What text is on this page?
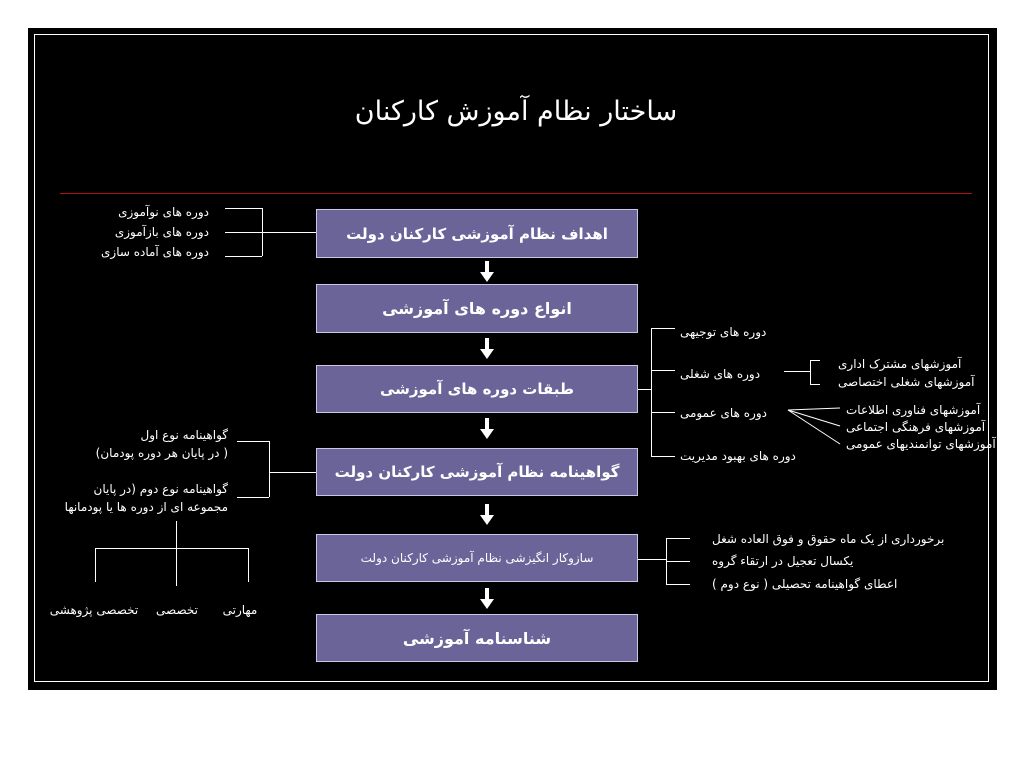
ساختار نظام آموزش کارکنان
اهداف نظام آموزشی کارکنان دولت
انواع دوره های آموزشی
طبقات دوره های آموزشی
گواهینامه نظام آموزشی کارکنان دولت
سازوکار انگیزشی نظام آموزشی کارکنان دولت
شناسنامه آموزشی
دوره های نوآموزی
دوره های بازآموزی
دوره های آماده سازی
گواهینامه نوع اول
( در پایان هر دوره پودمان)
گواهینامه نوع دوم (در پایان
مجموعه ای از دوره ها یا پودمانها
مهارتی
تخصصی
تخصصی پژوهشی
دوره های توجیهی
دوره های شغلی
دوره های عمومی
دوره های بهبود مدیریت
آموزشهای مشترک اداری
آموزشهای شغلی اختصاصی
آموزشهای فناوری اطلاعات
آموزشهای فرهنگی اجتماعی
آموزشهای توانمندیهای عمومی
برخورداری از یک ماه حقوق و فوق العاده شغل
یکسال تعجیل در ارتقاء گروه
اعطای گواهینامه تحصیلی ( نوع دوم )
